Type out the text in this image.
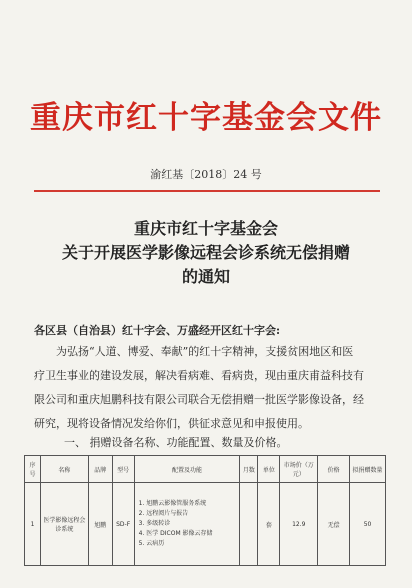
重庆市红十字基金会文件
渝红基〔2018〕24 号
重庆市红十字基金会
关于开展医学影像远程会诊系统无偿捐赠
的通知
各区县（自治县）红十字会、万盛经开区红十字会:
为弘扬“人道、博爱、奉献”的红十字精神，支援贫困地区和医
疗卫生事业的建设发展，解决看病难、看病贵，现由重庆甫益科技有
限公司和重庆旭鹏科技有限公司联合无偿捐赠一批医学影像设备，经
研究，现将设备情况发给你们，供征求意见和申报使用。
一、 捐赠设备名称、功能配置、数量及价格。
序号	名称	品牌	型号	配置及功能	月数	单位	市场价（万元）	价格	拟捐赠数量
1	医学影像远程会诊系统	旭鹏	SD-F	1. 旭鹏云影像管服务系统
2. 远程阅片与报告
3. 多级转诊
4. 医学 DICOM 影像云存储
5. 云病历		套	12.9	无偿	50
